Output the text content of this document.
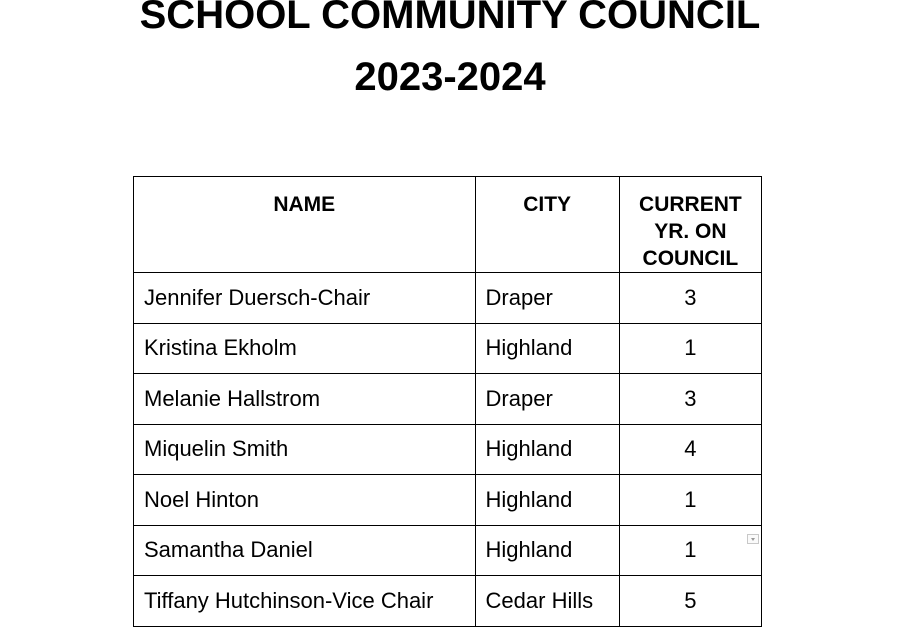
SCHOOL COMMUNITY COUNCIL
2023-2024
NAME	CITY	CURRENT YR. ON COUNCIL
Jennifer Duersch-Chair	Draper	3
Kristina Ekholm	Highland	1
Melanie Hallstrom	Draper	3
Miquelin Smith	Highland	4
Noel Hinton	Highland	1
Samantha Daniel	Highland	1
Tiffany Hutchinson-Vice Chair	Cedar Hills	5
